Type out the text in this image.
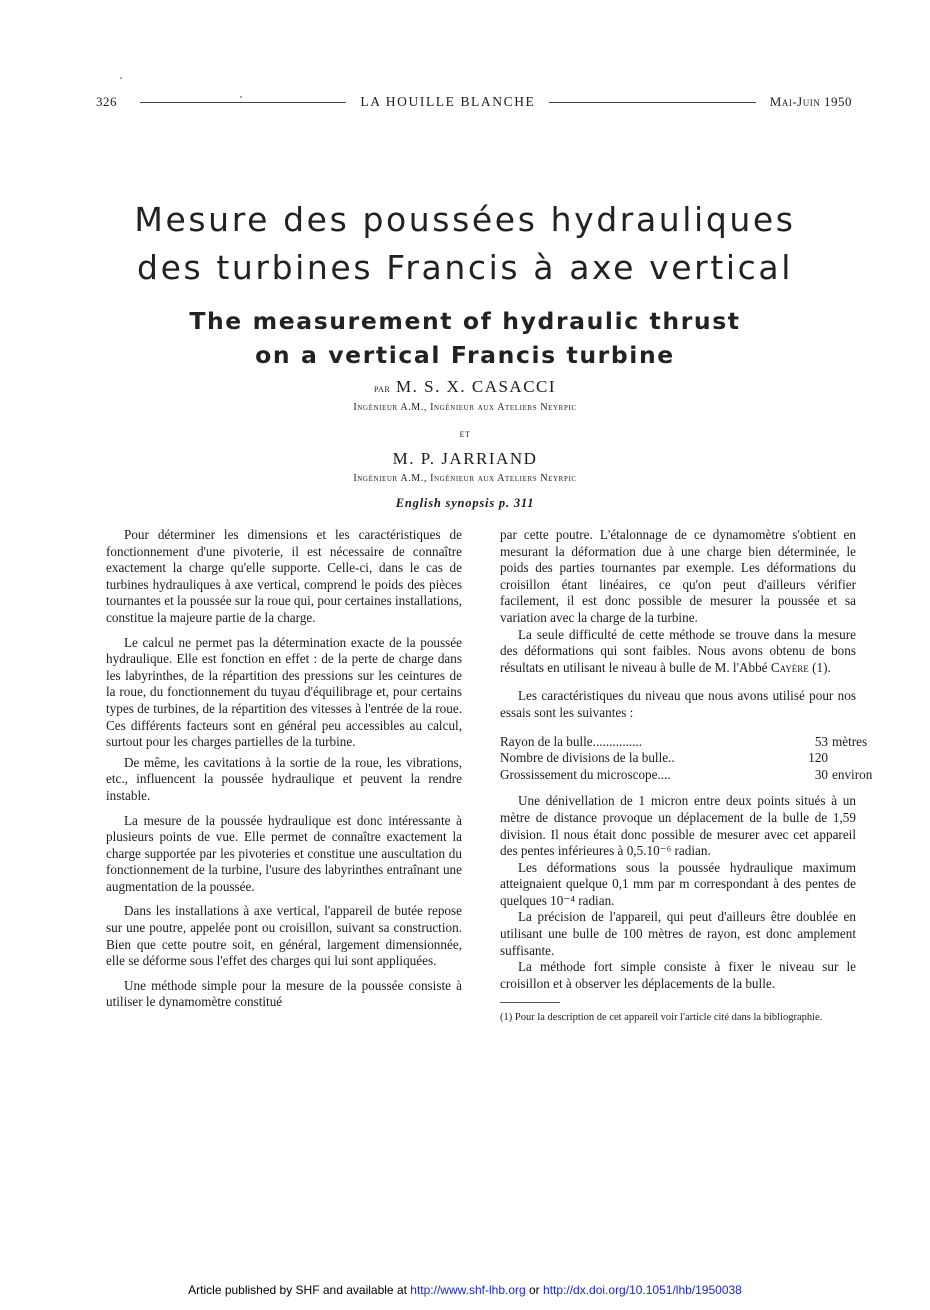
326	LA HOUILLE BLANCHE	Mai-Juin 1950
Mesure des poussées hydrauliques
des turbines Francis à axe vertical
The measurement of hydraulic thrust
on a vertical Francis turbine
par M. S. X. CASACCI
Ingénieur A.M., Ingénieur aux Ateliers Neyrpic
et
M. P. JARRIAND
Ingénieur A.M., Ingénieur aux Ateliers Neyrpic
English synopsis p. 311

Pour déterminer les dimensions et les caractéristiques de fonctionnement d'une pivoterie, il est nécessaire de connaître exactement la charge qu'elle supporte. Celle-ci, dans le cas de turbines hydrauliques à axe vertical, comprend le poids des pièces tournantes et la poussée sur la roue qui, pour certaines installations, constitue la majeure partie de la charge.

Le calcul ne permet pas la détermination exacte de la poussée hydraulique. Elle est fonction en effet : de la perte de charge dans les labyrinthes, de la répartition des pressions sur les ceintures de la roue, du fonctionnement du tuyau d'équilibrage et, pour certains types de turbines, de la répartition des vitesses à l'entrée de la roue. Ces différents facteurs sont en général peu accessibles au calcul, surtout pour les charges partielles de la turbine.

De même, les cavitations à la sortie de la roue, les vibrations, etc., influencent la poussée hydraulique et peuvent la rendre instable.

La mesure de la poussée hydraulique est donc intéressante à plusieurs points de vue. Elle permet de connaître exactement la charge supportée par les pivoteries et constitue une auscultation du fonctionnement de la turbine, l'usure des labyrinthes entraînant une augmentation de la poussée.

Dans les installations à axe vertical, l'appareil de butée repose sur une poutre, appelée pont ou croisillon, suivant sa construction. Bien que cette poutre soit, en général, largement dimensionnée, elle se déforme sous l'effet des charges qui lui sont appliquées.

Une méthode simple pour la mesure de la poussée consiste à utiliser le dynamomètre constitué

par cette poutre. L'étalonnage de ce dynamomètre s'obtient en mesurant la déformation due à une charge bien déterminée, le poids des parties tournantes par exemple. Les déformations du croisillon étant linéaires, ce qu'on peut d'ailleurs vérifier facilement, il est donc possible de mesurer la poussée et sa variation avec la charge de la turbine.

La seule difficulté de cette méthode se trouve dans la mesure des déformations qui sont faibles. Nous avons obtenu de bons résultats en utilisant le niveau à bulle de M. l'Abbé Cayère (1).

Les caractéristiques du niveau que nous avons utilisé pour nos essais sont les suivantes :

Rayon de la bulle...............	53 mètres
Nombre de divisions de la bulle..	120
Grossissement du microscope....	30 environ

Une dénivellation de 1 micron entre deux points situés à un mètre de distance provoque un déplacement de la bulle de 1,59 division. Il nous était donc possible de mesurer avec cet appareil des pentes inférieures à 0,5.10⁻⁶ radian.

Les déformations sous la poussée hydraulique maximum atteignaient quelque 0,1 mm par m correspondant à des pentes de quelques 10⁻⁴ radian.

La précision de l'appareil, qui peut d'ailleurs être doublée en utilisant une bulle de 100 mètres de rayon, est donc amplement suffisante.

La méthode fort simple consiste à fixer le niveau sur le croisillon et à observer les déplacements de la bulle.

(1) Pour la description de cet appareil voir l'article cité dans la bibliographie.

Article published by SHF and available at http://www.shf-lhb.org or http://dx.doi.org/10.1051/lhb/1950038
